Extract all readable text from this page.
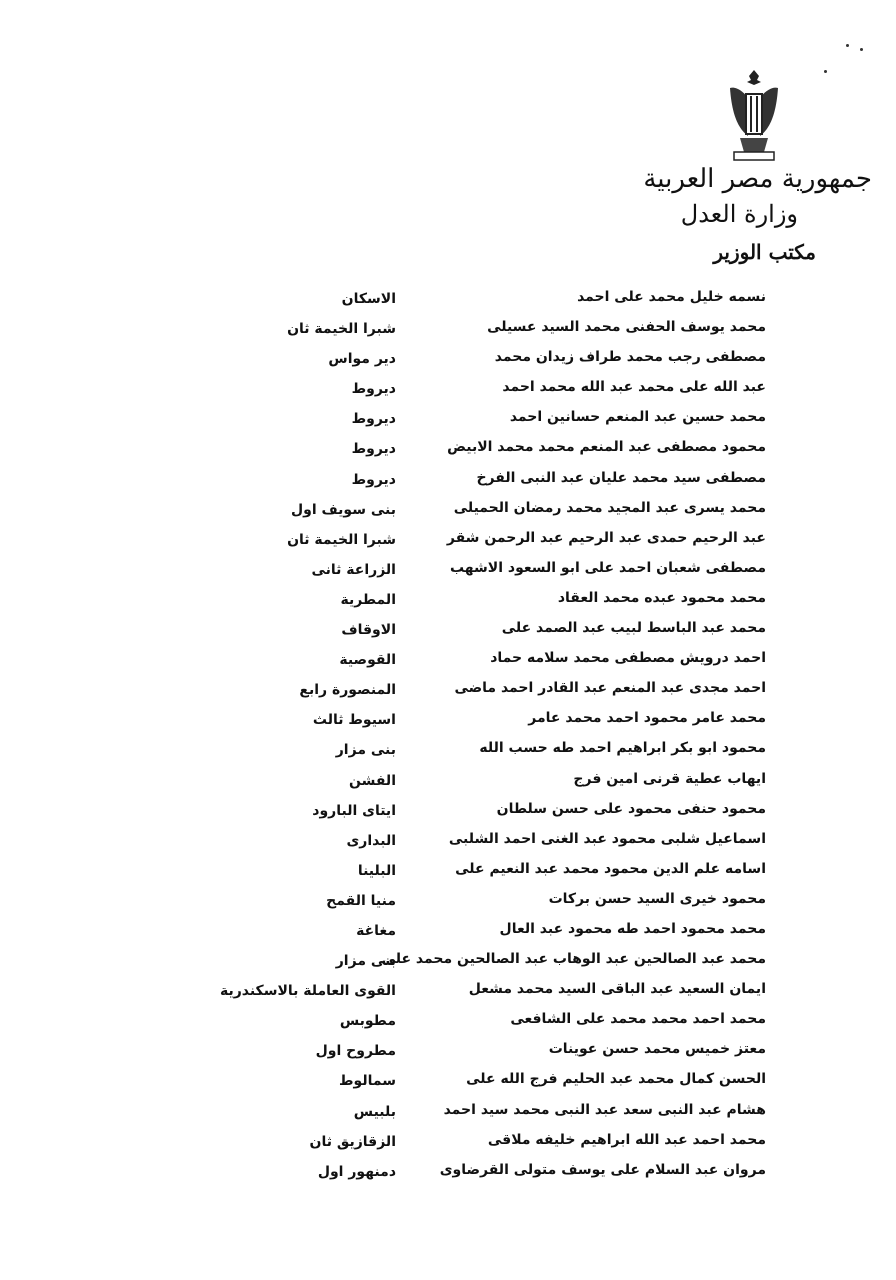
جمهورية مصر العربية
وزارة العدل
مكتب الوزير
نسمه خليل محمد على احمد
الاسكان
محمد يوسف الحفنى محمد السيد عسيلى
شبرا الخيمة ثان
مصطفى رجب محمد طراف زيدان محمد
دير مواس
عبد الله على محمد عبد الله محمد احمد
ديروط
محمد حسين عبد المنعم حسانين احمد
ديروط
محمود مصطفى عبد المنعم محمد محمد الابيض
ديروط
مصطفى سيد محمد عليان عبد النبى الفرخ
ديروط
محمد يسرى عبد المجيد محمد رمضان الحميلى
بنى سويف اول
عبد الرحيم حمدى عبد الرحيم عبد الرحمن شقر
شبرا الخيمة ثان
مصطفى شعبان احمد على ابو السعود الاشهب
الزراعة ثانى
محمد محمود عبده محمد العقاد
المطرية
محمد عبد الباسط لبيب عبد الصمد على
الاوقاف
احمد درويش مصطفى محمد سلامه حماد
القوصية
احمد مجدى عبد المنعم عبد القادر احمد ماضى
المنصورة رابع
محمد عامر محمود احمد محمد عامر
اسيوط ثالث
محمود ابو بكر ابراهيم احمد طه حسب الله
بنى مزار
ايهاب عطية قرنى امين فرج
الفشن
محمود حنفى محمود على حسن سلطان
ايتاى البارود
اسماعيل شلبى محمود عبد الغنى احمد الشلبى
البدارى
اسامه علم الدين محمود محمد عبد النعيم على
البلينا
محمود خيرى السيد حسن بركات
منيا القمح
محمد محمود احمد طه محمود عبد العال
مغاغة
محمد عبد الصالحين عبد الوهاب عبد الصالحين محمد على
بنى مزار
ايمان السعيد عبد الباقى السيد محمد مشعل
القوى العاملة بالاسكندرية
محمد احمد محمد محمد على الشافعى
مطوبس
معتز خميس محمد حسن عوينات
مطروح اول
الحسن كمال محمد عبد الحليم فرج الله على
سمالوط
هشام عبد النبى سعد عبد النبى محمد سيد احمد
بلبيس
محمد احمد عبد الله ابراهيم خليفه ملاقى
الزقازيق ثان
مروان عبد السلام على يوسف متولى القرضاوى
دمنهور اول
